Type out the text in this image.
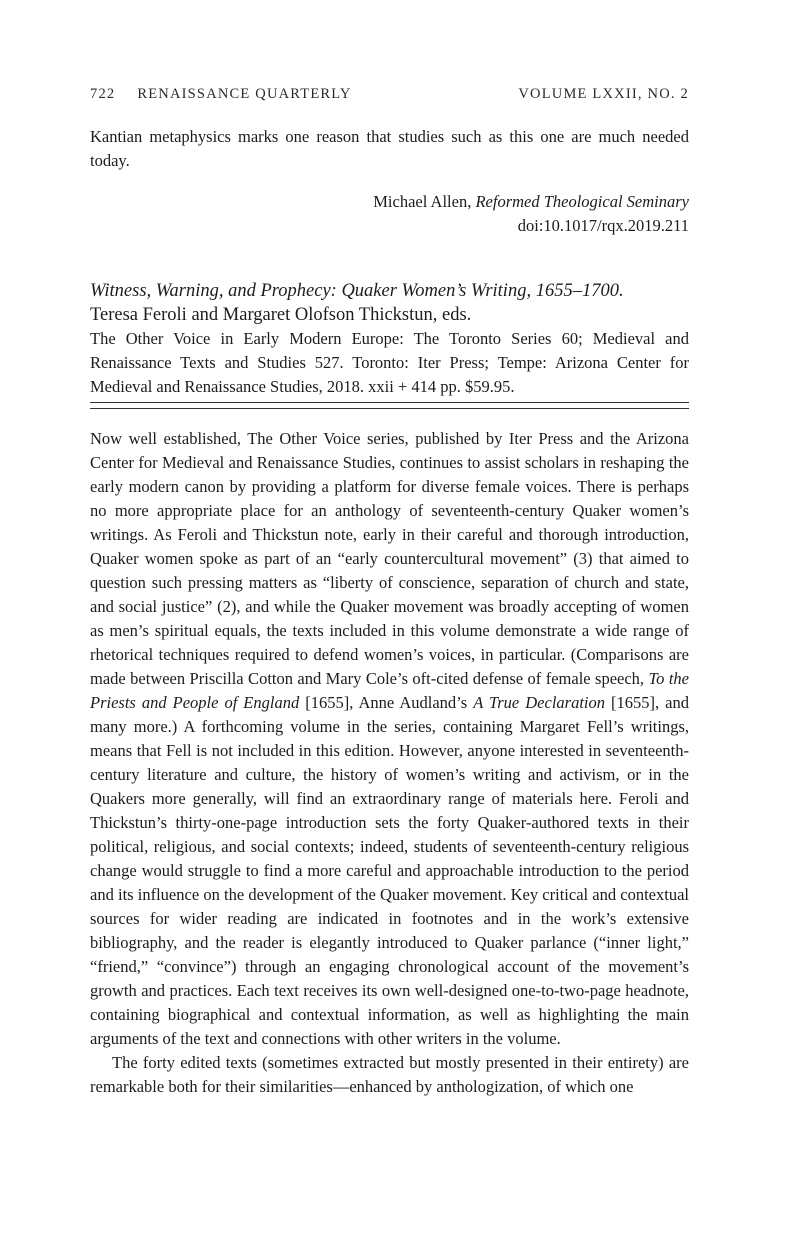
722 RENAISSANCE QUARTERLY	VOLUME LXXII, NO. 2

Kantian metaphysics marks one reason that studies such as this one are much needed today.

Michael Allen, Reformed Theological Seminary
doi:10.1017/rqx.2019.211
Witness, Warning, and Prophecy: Quaker Women’s Writing, 1655–1700.
Teresa Feroli and Margaret Olofson Thickstun, eds.
The Other Voice in Early Modern Europe: The Toronto Series 60; Medieval and Renaissance Texts and Studies 527. Toronto: Iter Press; Tempe: Arizona Center for Medieval and Renaissance Studies, 2018. xxii + 414 pp. $59.95.

Now well established, The Other Voice series, published by Iter Press and the Arizona Center for Medieval and Renaissance Studies, continues to assist scholars in reshaping the early modern canon by providing a platform for diverse female voices. There is perhaps no more appropriate place for an anthology of seventeenth-century Quaker women’s writings. As Feroli and Thickstun note, early in their careful and thorough introduction, Quaker women spoke as part of an “early countercultural movement” (3) that aimed to question such pressing matters as “liberty of conscience, separation of church and state, and social justice” (2), and while the Quaker movement was broadly accepting of women as men’s spiritual equals, the texts included in this volume demonstrate a wide range of rhetorical techniques required to defend women’s voices, in particular. (Comparisons are made between Priscilla Cotton and Mary Cole’s oft-cited defense of female speech, To the Priests and People of England [1655], Anne Audland’s A True Declaration [1655], and many more.) A forthcoming volume in the series, containing Margaret Fell’s writings, means that Fell is not included in this edition. However, anyone interested in seventeenth-century literature and culture, the history of women’s writing and activism, or in the Quakers more generally, will find an extraordinary range of materials here. Feroli and Thickstun’s thirty-one-page introduction sets the forty Quaker-authored texts in their political, religious, and social contexts; indeed, students of seventeenth-century religious change would struggle to find a more careful and approachable introduction to the period and its influence on the development of the Quaker movement. Key critical and contextual sources for wider reading are indicated in footnotes and in the work’s extensive bibliography, and the reader is elegantly introduced to Quaker parlance (“inner light,” “friend,” “convince”) through an engaging chronological account of the movement’s growth and practices. Each text receives its own well-designed one-to-two-page headnote, containing biographical and contextual information, as well as highlighting the main arguments of the text and connections with other writers in the volume.

The forty edited texts (sometimes extracted but mostly presented in their entirety) are remarkable both for their similarities—enhanced by anthologization, of which one
